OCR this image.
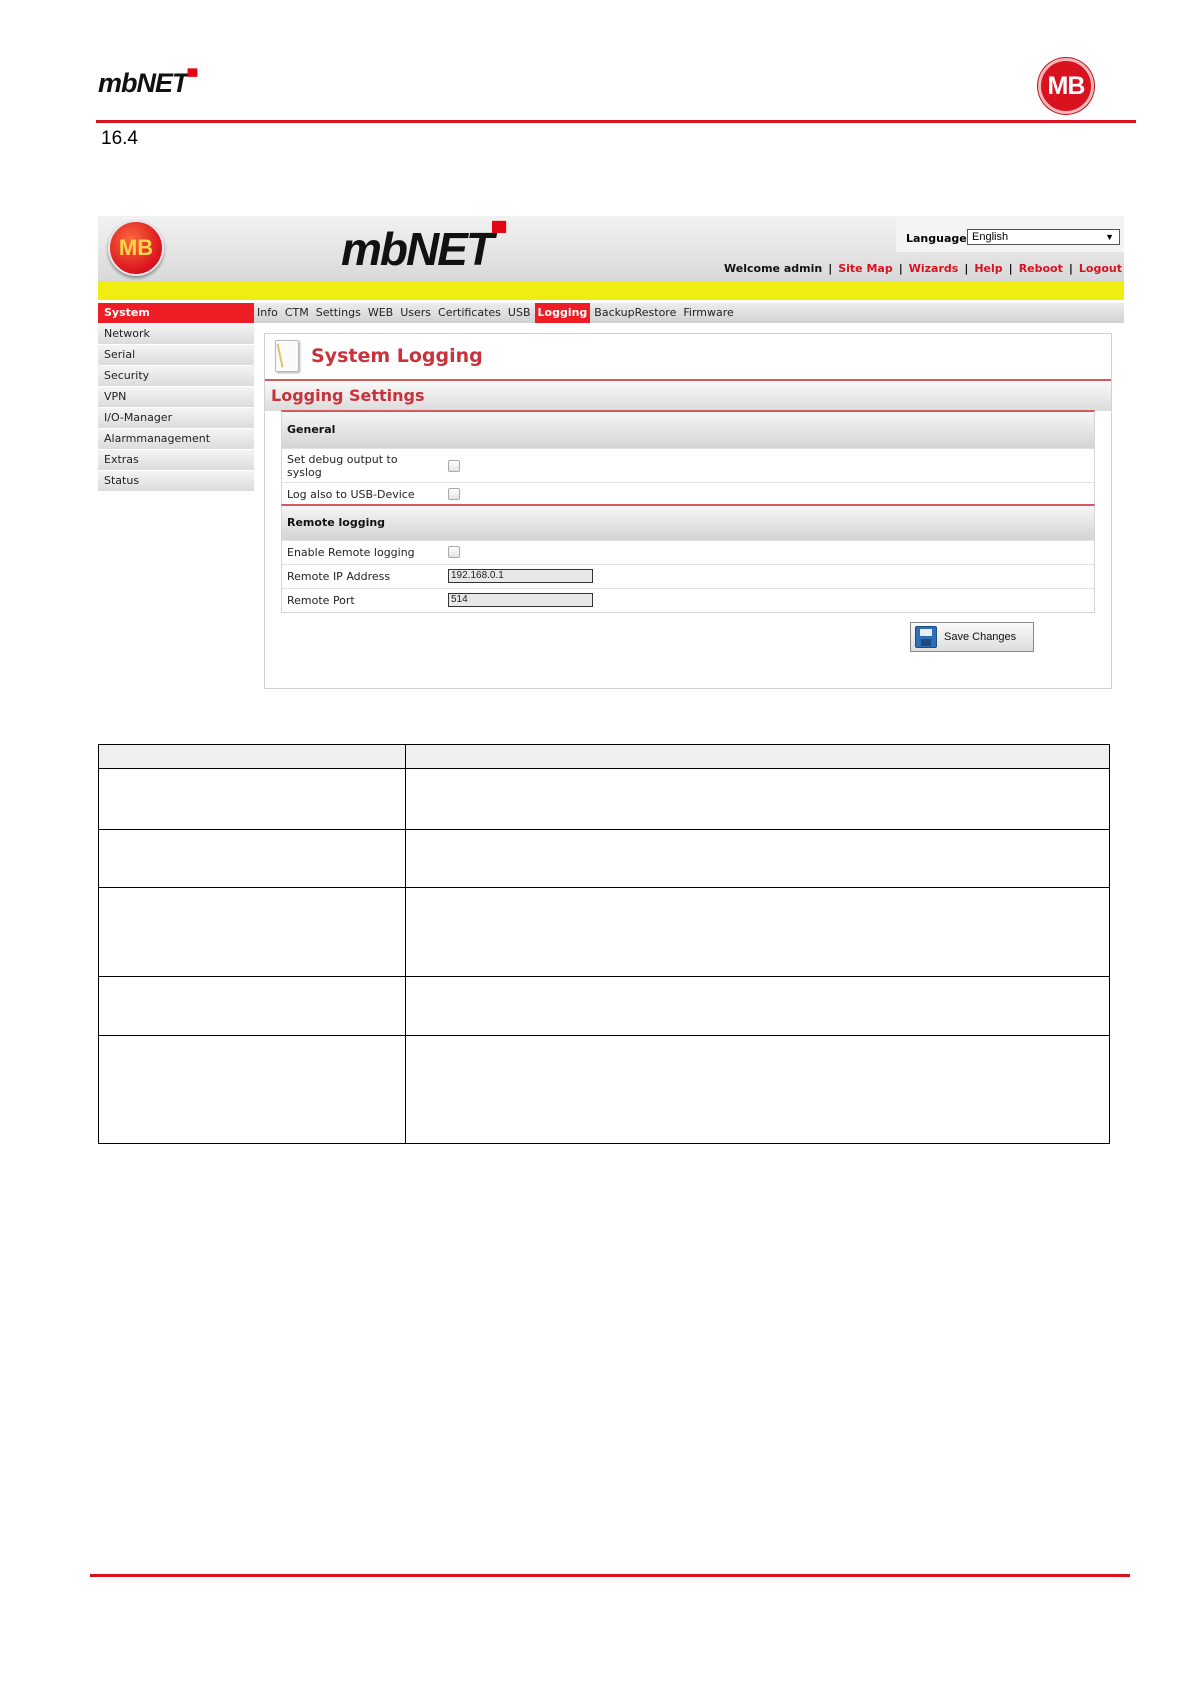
mbNET▀	MB
16.4
MB	mbNET▀	Language English	▼
Welcome admin | Site Map | Wizards | Help | Reboot | Logout
System
Network
Serial
Security
VPN
I/O-Manager
Alarmmanagement
Extras
Status
Info CTM Settings WEB Users Certificates USB Logging BackupRestore Firmware
System Logging
Logging Settings
General
Set debug output to syslog
Log also to USB-Device
Remote logging
Enable Remote logging
Remote IP Address	192.168.0.1
Remote Port	514
Save Changes
